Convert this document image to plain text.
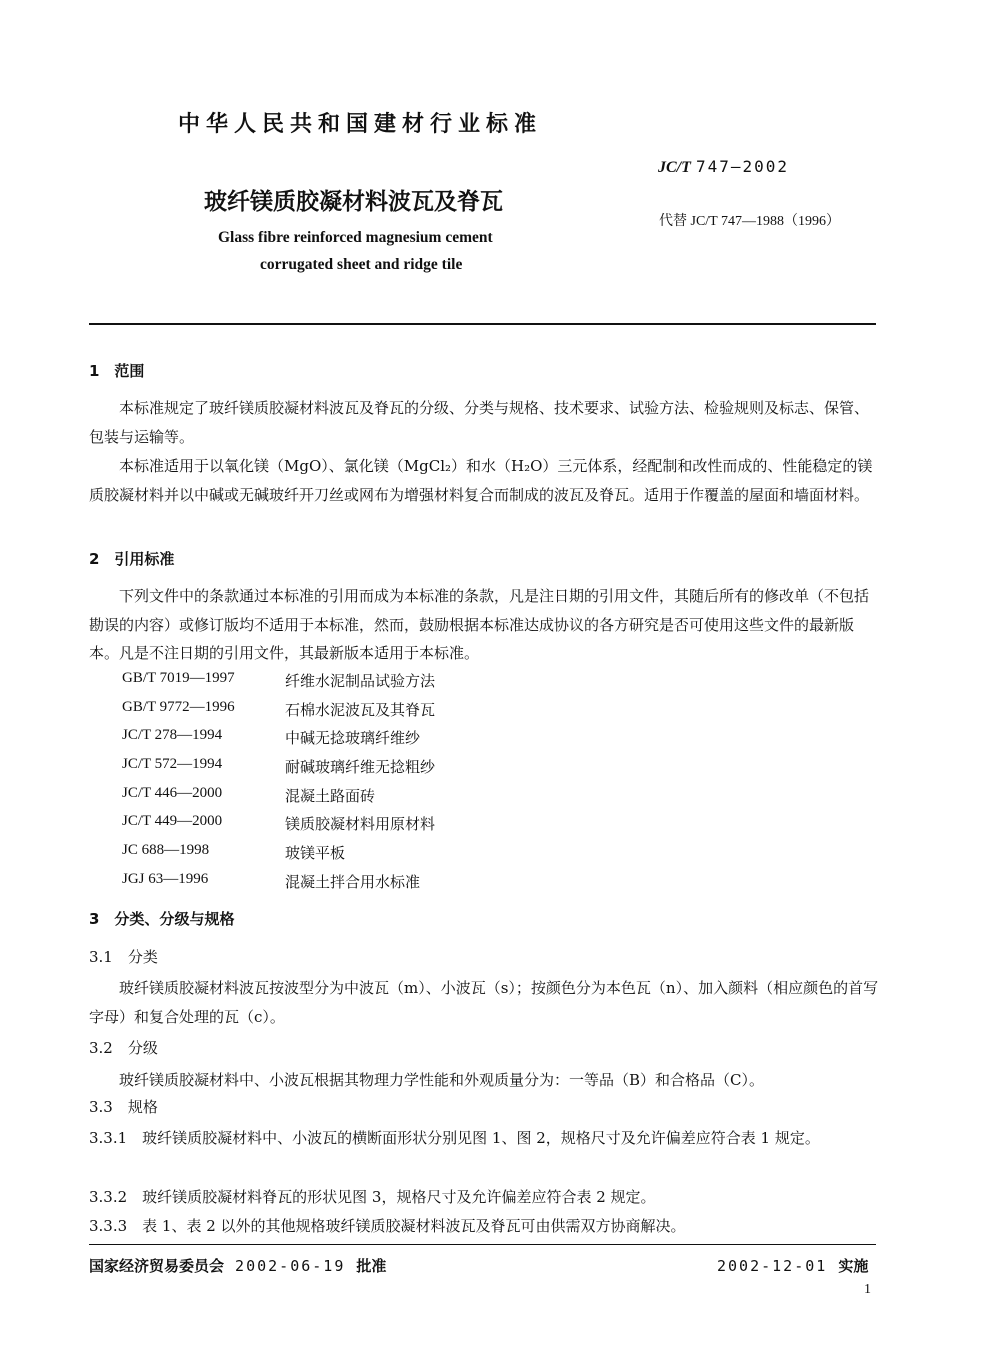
中华人民共和国建材行业标准
JC/T 747—2002
玻纤镁质胶凝材料波瓦及脊瓦
代替 JC/T 747—1988（1996）
Glass fibre reinforced magnesium cement
corrugated sheet and ridge tile
1　范围
本标准规定了玻纤镁质胶凝材料波瓦及脊瓦的分级、分类与规格、技术要求、试验方法、检验规则及标志、保管、包装与运输等。
本标准适用于以氧化镁（MgO）、氯化镁（MgCl₂）和水（H₂O）三元体系，经配制和改性而成的、性能稳定的镁质胶凝材料并以中碱或无碱玻纤开刀丝或网布为增强材料复合而制成的波瓦及脊瓦。适用于作覆盖的屋面和墙面材料。
2　引用标准
下列文件中的条款通过本标准的引用而成为本标准的条款，凡是注日期的引用文件，其随后所有的修改单（不包括勘误的内容）或修订版均不适用于本标准，然而，鼓励根据本标准达成协议的各方研究是否可使用这些文件的最新版本。凡是不注日期的引用文件，其最新版本适用于本标准。
GB/T 7019—1997	纤维水泥制品试验方法
GB/T 9772—1996	石棉水泥波瓦及其脊瓦
JC/T 278—1994	中碱无捻玻璃纤维纱
JC/T 572—1994	耐碱玻璃纤维无捻粗纱
JC/T 446—2000	混凝土路面砖
JC/T 449—2000	镁质胶凝材料用原材料
JC 688—1998	玻镁平板
JGJ 63—1996	混凝土拌合用水标准
3　分类、分级与规格
3.1　分类
玻纤镁质胶凝材料波瓦按波型分为中波瓦（m）、小波瓦（s）；按颜色分为本色瓦（n）、加入颜料（相应颜色的首写字母）和复合处理的瓦（c）。
3.2　分级
玻纤镁质胶凝材料中、小波瓦根据其物理力学性能和外观质量分为：一等品（B）和合格品（C）。
3.3　规格
3.3.1　玻纤镁质胶凝材料中、小波瓦的横断面形状分别见图 1、图 2，规格尺寸及允许偏差应符合表 1 规定。
3.3.2　玻纤镁质胶凝材料脊瓦的形状见图 3，规格尺寸及允许偏差应符合表 2 规定。
3.3.3　表 1、表 2 以外的其他规格玻纤镁质胶凝材料波瓦及脊瓦可由供需双方协商解决。
国家经济贸易委员会 2002-06-19 批准	2002-12-01 实施
1
